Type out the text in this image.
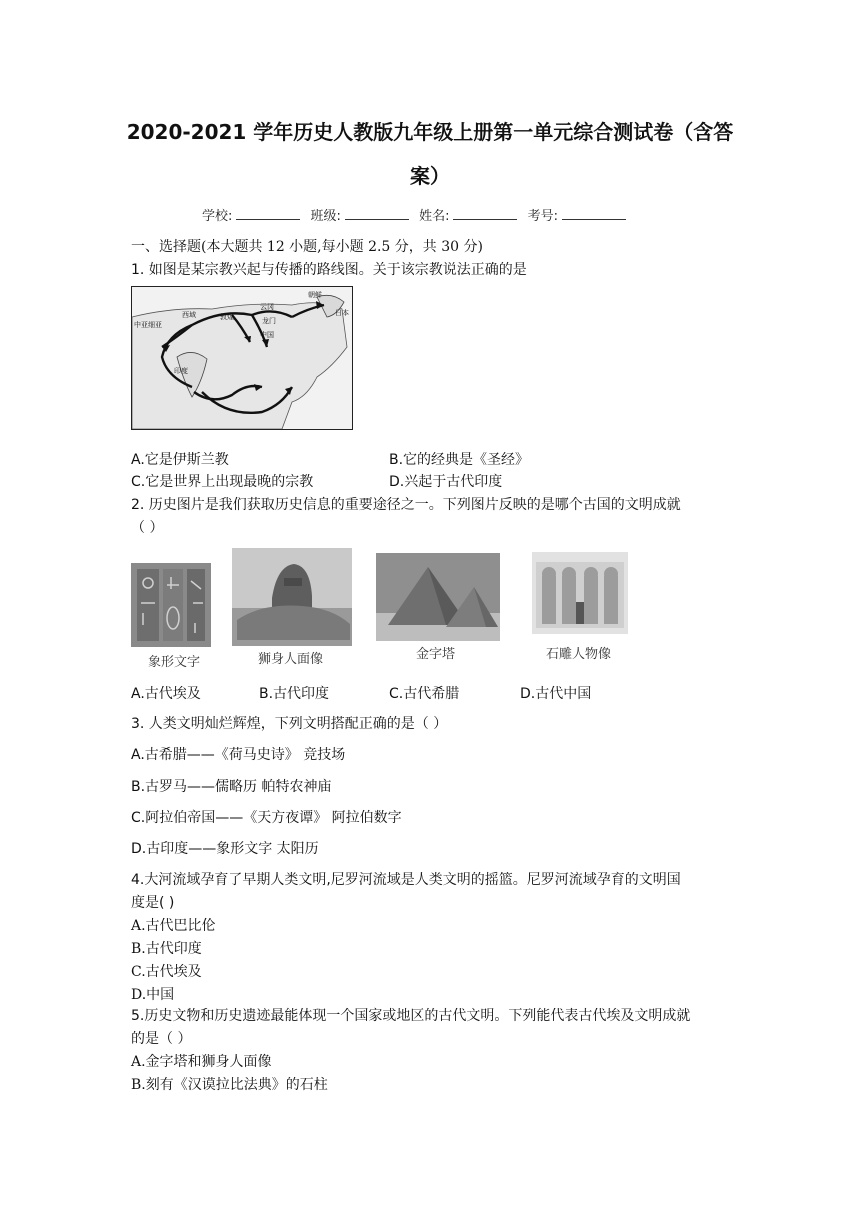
2020-2021 学年历史人教版九年级上册第一单元综合测试卷（含答
案）
学校:	班级:	姓名:	考号:
一、选择题(本大题共 12 小题,每小题 2.5 分，共 30 分)
1. 如图是某宗教兴起与传播的路线图。关于该宗教说法正确的是
中亚细亚
西域	敦煌
云冈
龙门
中国
朝鲜
日本
印度
A.它是伊斯兰教	B.它的经典是《圣经》
C.它是世界上出现最晚的宗教	D.兴起于古代印度
2. 历史图片是我们获取历史信息的重要途径之一。下列图片反映的是哪个古国的文明成就
（ ）
象形文字	狮身人面像	金字塔	石雕人物像
A.古代埃及	B.古代印度	C.古代希腊	D.古代中国
3. 人类文明灿烂辉煌，下列文明搭配正确的是（ ）
A.古希腊——《荷马史诗》 竞技场
B.古罗马——儒略历 帕特农神庙
C.阿拉伯帝国——《天方夜谭》 阿拉伯数字
D.古印度——象形文字 太阳历
4.大河流域孕育了早期人类文明,尼罗河流域是人类文明的摇篮。尼罗河流域孕育的文明国
度是( )
A.古代巴比伦
B.古代印度
C.古代埃及
D.中国
5.历史文物和历史遗迹最能体现一个国家或地区的古代文明。下列能代表古代埃及文明成就
的是（ ）
A.金字塔和狮身人面像
B.刻有《汉谟拉比法典》的石柱
